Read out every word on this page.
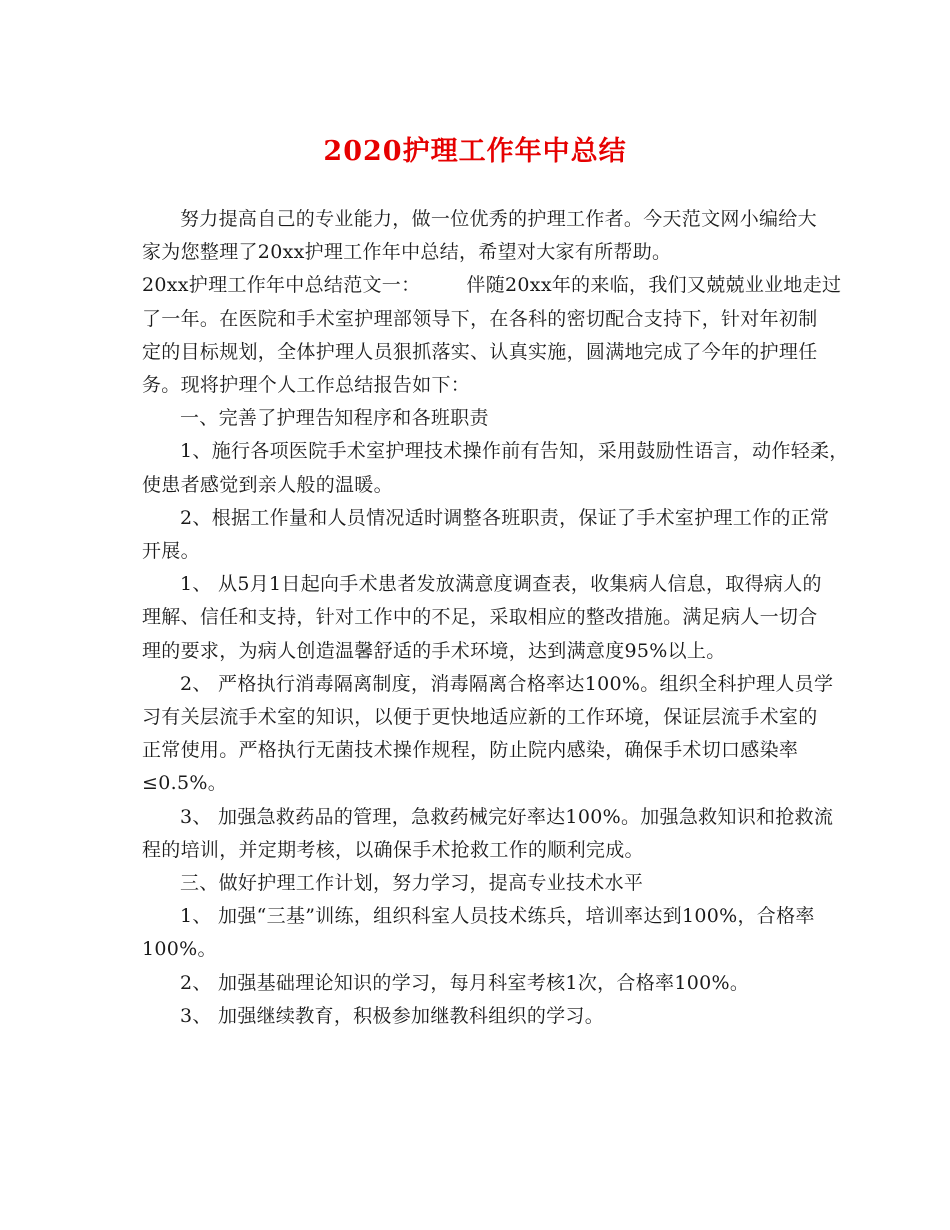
2020护理工作年中总结
努力提高自己的专业能力，做一位优秀的护理工作者。今天范文网小编给大
家为您整理了20xx护理工作年中总结，希望对大家有所帮助。
20xx护理工作年中总结范文一： 伴随20xx年的来临，我们又兢兢业业地走过
了一年。在医院和手术室护理部领导下，在各科的密切配合支持下，针对年初制
定的目标规划，全体护理人员狠抓落实、认真实施，圆满地完成了今年的护理任
务。现将护理个人工作总结报告如下：
一、完善了护理告知程序和各班职责
1、施行各项医院手术室护理技术操作前有告知，采用鼓励性语言，动作轻柔，
使患者感觉到亲人般的温暖。
2、根据工作量和人员情况适时调整各班职责，保证了手术室护理工作的正常
开展。
1、 从5月1日起向手术患者发放满意度调查表，收集病人信息，取得病人的
理解、信任和支持，针对工作中的不足，采取相应的整改措施。满足病人一切合
理的要求，为病人创造温馨舒适的手术环境，达到满意度95%以上。
2、 严格执行消毒隔离制度，消毒隔离合格率达100%。组织全科护理人员学
习有关层流手术室的知识，以便于更快地适应新的工作环境，保证层流手术室的
正常使用。严格执行无菌技术操作规程，防止院内感染，确保手术切口感染率
≤0.5%。
3、 加强急救药品的管理，急救药械完好率达100%。加强急救知识和抢救流
程的培训，并定期考核，以确保手术抢救工作的顺利完成。
三、做好护理工作计划，努力学习，提高专业技术水平
1、 加强“三基”训练，组织科室人员技术练兵，培训率达到100%，合格率
100%。
2、 加强基础理论知识的学习，每月科室考核1次，合格率100%。
3、 加强继续教育，积极参加继教科组织的学习。
